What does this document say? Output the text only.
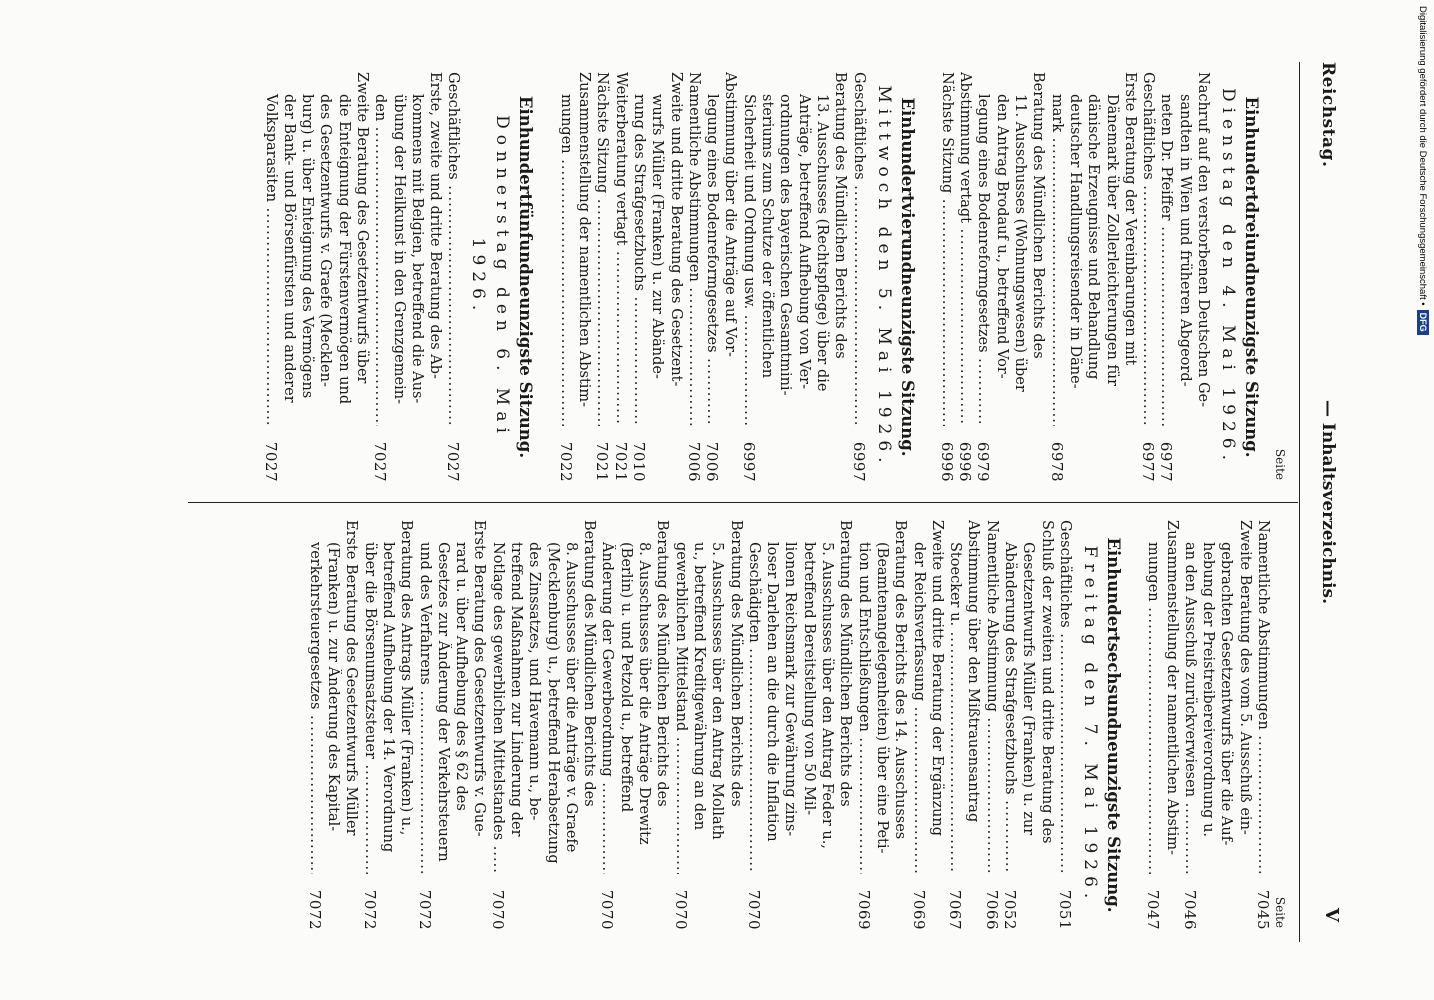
Reichstag.
— Inhaltsverzeichnis.
V
Seite
Einhundertdreiundneunzigste Sitzung.
Dienstag den 4. Mai 1926.
Nachruf auf den verstorbenen Deutschen Ge-
sandten in Wien und früheren Abgeord-
neten Dr. Pfeiffer .....
6977
Geschäftliches .....
6977
Erste Beratung der Vereinbarungen mit
Dänemark über Zollerleichterungen für
dänische Erzeugnisse und Behandlung
deutscher Handlungsreisender in Däne-
mark .....
6978
Beratung des Mündlichen Berichts des
11. Ausschusses (Wohnungswesen) über
den Antrag Brodauf u., betreffend Vor-
legung eines Bodenreformgesetzes .....
6979
Abstimmung vertagt .....
6996
Nächste Sitzung .....
6996
Einhundertvierundneunzigste Sitzung.
Mittwoch den 5. Mai 1926.
Geschäftliches .....
6997
Beratung des Mündlichen Berichts des
13. Ausschusses (Rechtspflege) über die
Anträge, betreffend Aufhebung von Ver-
ordnungen des bayerischen Gesamtmini-
steriums zum Schutze der öffentlichen
Sicherheit und Ordnung usw. .....
6997
Abstimmung über die Anträge auf Vor-
legung eines Bodenreformgesetzes .....
7006
Namentliche Abstimmungen .....
7006
Zweite und dritte Beratung des Gesetzent-
wurfs Müller (Franken) u. zur Abände-
rung des Strafgesetzbuchs .....
7010
Weiterberatung vertagt .....
7021
Nächste Sitzung .....
7021
Zusammenstellung der namentlichen Abstim-
mungen .....
7022
Einhundertfünfundneunzigste Sitzung.
Donnerstag den 6. Mai 1926.
Geschäftliches .....
7027
Erste, zweite und dritte Beratung des Ab-
kommens mit Belgien, betreffend die Aus-
übung der Heilkunst in den Grenzgemein-
den .....
7027
Zweite Beratung des Gesetzentwurfs über
die Enteignung der Fürstenvermögen und
des Gesetzentwurfs v. Graefe (Mecklen-
burg) u. über Enteignung des Vermögens
der Bank- und Börsenfürsten und anderer
Volksparasiten .....
7027
Seite
Namentliche Abstimmungen .....
7045
Zweite Beratung des vom 5. Ausschuß ein-
gebrachten Gesetzentwurfs über die Auf-
hebung der Preistreibereiverordnung u.
an den Ausschuß zurückverwiesen .....
7046
Zusammenstellung der namentlichen Abstim-
mungen .....
7047
Einhundertsechsundneunzigste Sitzung.
Freitag den 7. Mai 1926.
Geschäftliches .....
7051
Schluß der zweiten und dritte Beratung des
Gesetzentwurfs Müller (Franken) u. zur
Abänderung des Strafgesetzbuchs .....
7052
Namentliche Abstimmung .....
7066
Abstimmung über den Mißtrauensantrag
Stoecker u. .....
7067
Zweite und dritte Beratung der Ergänzung
der Reichsverfassung .....
7069
Beratung des Berichts des 14. Ausschusses
(Beamtenangelegenheiten) über eine Peti-
tion und Entschließungen .....
7069
Beratung des Mündlichen Berichts des
5. Ausschusses über den Antrag Feder u.,
betreffend Bereitstellung von 50 Mil-
lionen Reichsmark zur Gewährung zins-
loser Darlehen an die durch die Inflation
Geschädigten .....
7070
Beratung des Mündlichen Berichts des
5. Ausschusses über den Antrag Mollath
u., betreffend Kreditgewährung an den
gewerblichen Mittelstand .....
7070
Beratung des Mündlichen Berichts des
8. Ausschusses über die Anträge Drewitz
(Berlin) u. und Petzold u., betreffend
Änderung der Gewerbeordnung .....
7070
Beratung des Mündlichen Berichts des
8. Ausschusses über die Anträge v. Graefe
(Mecklenburg) u., betreffend Herabsetzung
des Zinssatzes, und Havemann u., be-
treffend Maßnahmen zur Linderung der
Notlage des gewerblichen Mittelstandes .....
7070
Erste Beratung des Gesetzentwurfs v. Gue-
rard u. über Aufhebung des § 62 des
Gesetzes zur Änderung der Verkehrsteuern
und des Verfahrens .....
7072
Beratung des Antrags Müller (Franken) u.,
betreffend Aufhebung der 14. Verordnung
über die Börsenumsatzsteuer .....
7072
Erste Beratung des Gesetzentwurfs Müller
(Franken) u. zur Änderung des Kapital-
verkehrsteuergesetzes .....
7072
Digitalisierung gefördert durch die Deutsche Forschungsgemeinschaft •DFG
